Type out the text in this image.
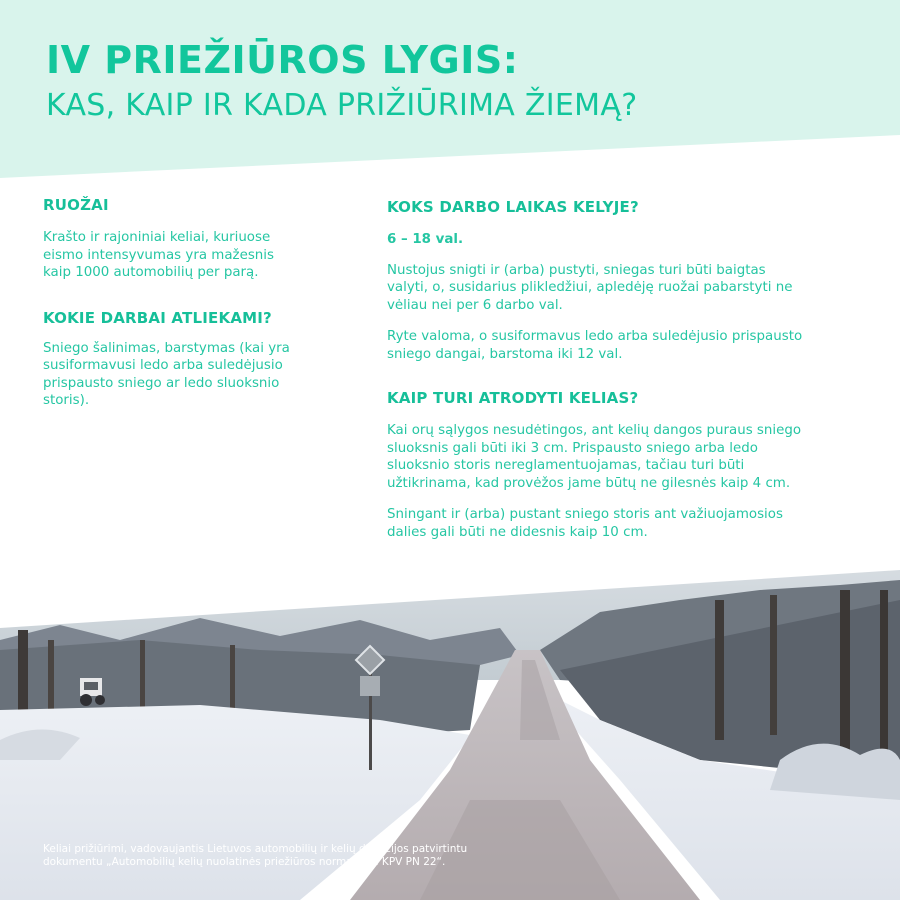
IV PRIEŽIŪROS LYGIS:
KAS, KAIP IR KADA PRIŽIŪRIMA ŽIEMĄ?

RUOŽAI

Krašto ir rajoniniai keliai, kuriuose

eismo intensyvumas yra mažesnis

kaip 1000 automobilių per parą.

KOKIE DARBAI ATLIEKAMI?

Sniego šalinimas, barstymas (kai yra

susiformavusi ledo arba suledėjusio

prispausto sniego ar ledo sluoksnio

storis).

KOKS DARBO LAIKAS KELYJE?

6 – 18 val.

Nustojus snigti ir (arba) pustyti, sniegas turi būti baigtas

valyti, o, susidarius plikledžiui, apledėję ruožai pabarstyti ne

vėliau nei per 6 darbo val.

Ryte valoma, o susiformavus ledo arba suledėjusio prispausto

sniego dangai, barstoma iki 12 val.

KAIP TURI ATRODYTI KELIAS?

Kai orų sąlygos nesudėtingos, ant kelių dangos puraus sniego

sluoksnis gali būti iki 3 cm. Prispausto sniego arba ledo

sluoksnio storis nereglamentuojamas, tačiau turi būti

užtikrinama, kad provėžos jame būtų ne gilesnės kaip 4 cm.

Sningant ir (arba) pustant sniego storis ant važiuojamosios

dalies gali būti ne didesnis kaip 10 cm.

Keliai prižiūrimi, vadovaujantis Lietuvos automobilių ir kelių direkcijos patvirtintu
dokumentu „Automobilių kelių nuolatinės priežiūros normatyvai KPV PN 22“.
